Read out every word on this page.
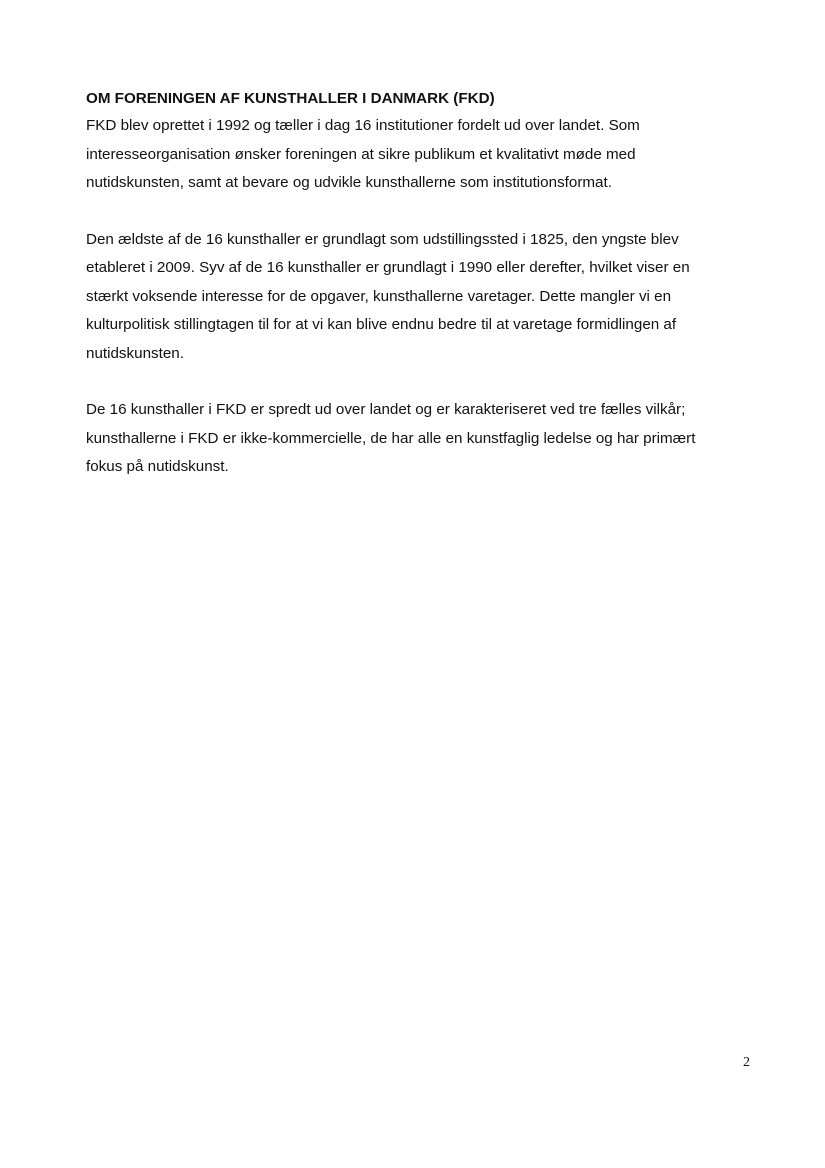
OM FORENINGEN AF KUNSTHALLER I DANMARK (FKD)

FKD blev oprettet i 1992 og tæller i dag 16 institutioner fordelt ud over landet. Som
interesseorganisation ønsker foreningen at sikre publikum et kvalitativt møde med
nutidskunsten, samt at bevare og udvikle kunsthallerne som institutionsformat.

Den ældste af de 16 kunsthaller er grundlagt som udstillingssted i 1825, den yngste blev
etableret i 2009. Syv af de 16 kunsthaller er grundlagt i 1990 eller derefter, hvilket viser en
stærkt voksende interesse for de opgaver, kunsthallerne varetager. Dette mangler vi en
kulturpolitisk stillingtagen til for at vi kan blive endnu bedre til at varetage formidlingen af
nutidskunsten.

De 16 kunsthaller i FKD er spredt ud over landet og er karakteriseret ved tre fælles vilkår;
kunsthallerne i FKD er ikke-kommercielle, de har alle en kunstfaglig ledelse og har primært
fokus på nutidskunst.

2
